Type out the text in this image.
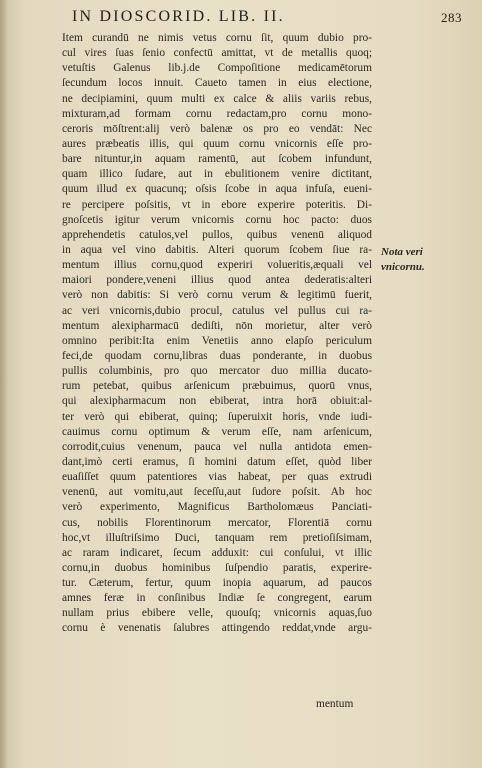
IN DIOSCORID. LIB. II.	283
Item curandū ne nimis vetus cornu ſit, quum dubio pro-
cul vires ſuas ſenio confectū amittat, vt de metallis quoq;
vetuſtis Galenus lib.j.de Compoſitione medicamētorum
ſecundum locos innuit. Caueto tamen in eius electione,
ne decipiamini, quum multi ex calce & aliis variis rebus,
mixturam,ad formam cornu redactam,pro cornu mono-
ceroris mōſtrent:alij verò balenæ os pro eo vendāt: Nec
aures præbeatis illis, qui quum cornu vnicornis eſſe pro-
bare nituntur,in aquam ramentū, aut ſcobem infundunt,
quam illico ſudare, aut in ebulitionem venire dictitant,
quum illud ex quacunq; oſsis ſcobe in aqua infuſa, eueni-
re percipere poſsitis, vt in ebore experire poteritis. Di-
gnoſcetis igitur verum vnicornis cornu hoc pacto: duos
apprehendetis catulos,vel pullos, quibus venenū aliquod
in aqua vel vino dabitis. Alteri quorum ſcobem ſiue ra-
mentum illius cornu,quod experiri volueritis,æquali vel
maiori pondere,veneni illius quod antea dederatis:alteri
verò non dabitis: Si verò cornu verum & legitimū fuerit,
ac veri vnicornis,dubio procul, catulus vel pullus cui ra-
mentum alexipharmacū dediſti, nōn morietur, alter verò
omnino peribit:Ita enim Venetiis anno elapſo periculum
feci,de quodam cornu,libras duas ponderante, in duobus
pullis columbinis, pro quo mercator duo millia ducato-
rum petebat, quibus arſenicum præbuimus, quorū vnus,
qui alexipharmacum non ebiberat, intra horā obiuit:al-
ter verò qui ebiberat, quinq; ſuperuixit horis, vnde iudi-
cauimus cornu optimum & verum eſſe, nam arſenicum,
corrodit,cuius venenum, pauca vel nulla antidota emen-
dant,imò certi eramus, ſi homini datum eſſet, quòd liber
euaſiſſet quum patentiores vias habeat, per quas extrudi
venenū, aut vomitu,aut ſeceſſu,aut ſudore poſsit. Ab hoc
verò experimento, Magnificus Bartholomæus Panciati-
cus, nobilis Florentinorum mercator, Florentiā cornu
hoc,vt illuſtriſsimo Duci, tanquam rem pretioſiſsimam,
ac raram indicaret, ſecum adduxit: cui conſului, vt illic
cornu,in duobus hominibus ſuſpendio paratis, experire-
tur. Cæterum, fertur, quum inopia aquarum, ad paucos
amnes feræ in conſinibus Indiæ ſe congregent, earum
nullam prius ebibere velle, quouſq; vnicornis aquas,ſuo
cornu è venenatis ſalubres attingendo reddat,vnde argu-
Nota veri
vnicornu.
mentum
